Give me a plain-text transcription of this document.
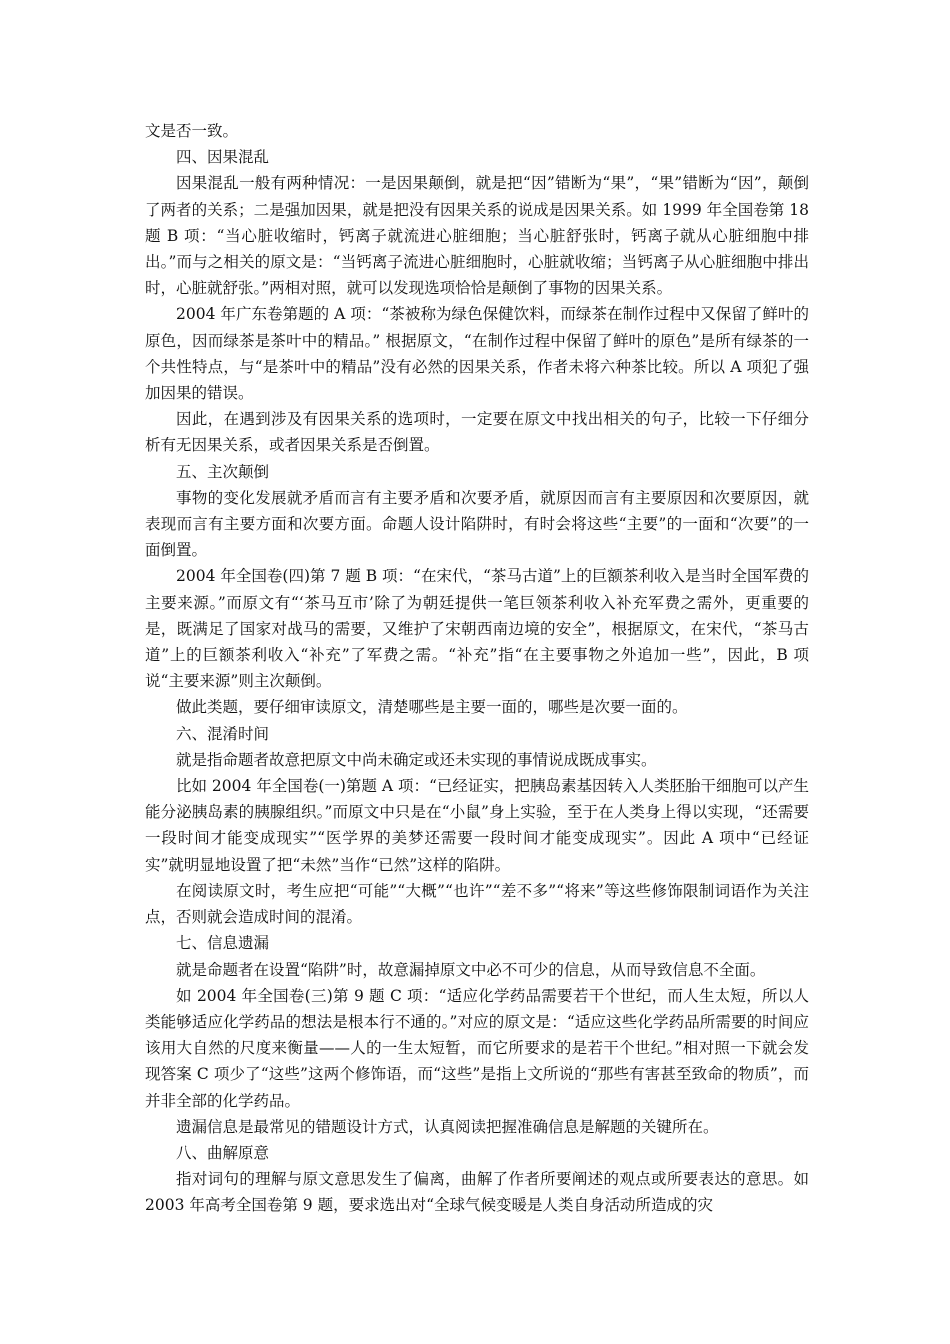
文是否一致。

四、因果混乱

因果混乱一般有两种情况：一是因果颠倒，就是把“因”错断为“果”，“果”错断为“因”，颠倒了两者的关系；二是强加因果，就是把没有因果关系的说成是因果关系。如 1999 年全国卷第 18 题 B 项：“当心脏收缩时，钙离子就流进心脏细胞；当心脏舒张时，钙离子就从心脏细胞中排出。”而与之相关的原文是：“当钙离子流进心脏细胞时，心脏就收缩；当钙离子从心脏细胞中排出时，心脏就舒张。”两相对照，就可以发现选项恰恰是颠倒了事物的因果关系。

2004 年广东卷第题的 A 项：“茶被称为绿色保健饮料，而绿茶在制作过程中又保留了鲜叶的原色，因而绿茶是茶叶中的精品。” 根据原文，“在制作过程中保留了鲜叶的原色”是所有绿茶的一个共性特点，与“是茶叶中的精品”没有必然的因果关系，作者未将六种茶比较。所以 A 项犯了强加因果的错误。

因此，在遇到涉及有因果关系的选项时，一定要在原文中找出相关的句子，比较一下仔细分析有无因果关系，或者因果关系是否倒置。

五、主次颠倒

事物的变化发展就矛盾而言有主要矛盾和次要矛盾，就原因而言有主要原因和次要原因，就表现而言有主要方面和次要方面。命题人设计陷阱时，有时会将这些“主要”的一面和“次要”的一面倒置。

2004 年全国卷(四)第 7 题 B 项：“在宋代，“茶马古道”上的巨额茶利收入是当时全国军费的主要来源。”而原文有“‘茶马互市’除了为朝廷提供一笔巨领茶利收入补充军费之需外，更重要的是，既满足了国家对战马的需要，又维护了宋朝西南边境的安全”，根据原文，在宋代，“茶马古道”上的巨额茶利收入“补充”了军费之需。“补充”指“在主要事物之外追加一些”，因此，B 项说“主要来源”则主次颠倒。

做此类题，要仔细审读原文，清楚哪些是主要一面的，哪些是次要一面的。

六、混淆时间

就是指命题者故意把原文中尚未确定或还未实现的事情说成既成事实。

比如 2004 年全国卷(一)第题 A 项：“已经证实，把胰岛素基因转入人类胚胎干细胞可以产生能分泌胰岛素的胰腺组织。”而原文中只是在“小鼠”身上实验，至于在人类身上得以实现，“还需要一段时间才能变成现实”“医学界的美梦还需要一段时间才能变成现实”。因此 A 项中“已经证实”就明显地设置了把“未然”当作“已然”这样的陷阱。

在阅读原文时，考生应把“可能”“大概”“也许”“差不多”“将来”等这些修饰限制词语作为关注点，否则就会造成时间的混淆。

七、信息遗漏

就是命题者在设置“陷阱”时，故意漏掉原文中必不可少的信息，从而导致信息不全面。

如 2004 年全国卷(三)第 9 题 C 项：“适应化学药品需要若干个世纪，而人生太短，所以人类能够适应化学药品的想法是根本行不通的。”对应的原文是：“适应这些化学药品所需要的时间应该用大自然的尺度来衡量——人的一生太短暂，而它所要求的是若干个世纪。”相对照一下就会发现答案 C 项少了“这些”这两个修饰语，而“这些”是指上文所说的“那些有害甚至致命的物质”，而并非全部的化学药品。

遗漏信息是最常见的错题设计方式，认真阅读把握准确信息是解题的关键所在。

八、曲解原意

指对词句的理解与原文意思发生了偏离，曲解了作者所要阐述的观点或所要表达的意思。如 2003 年高考全国卷第 9 题，要求选出对“全球气候变暖是人类自身活动所造成的灾
